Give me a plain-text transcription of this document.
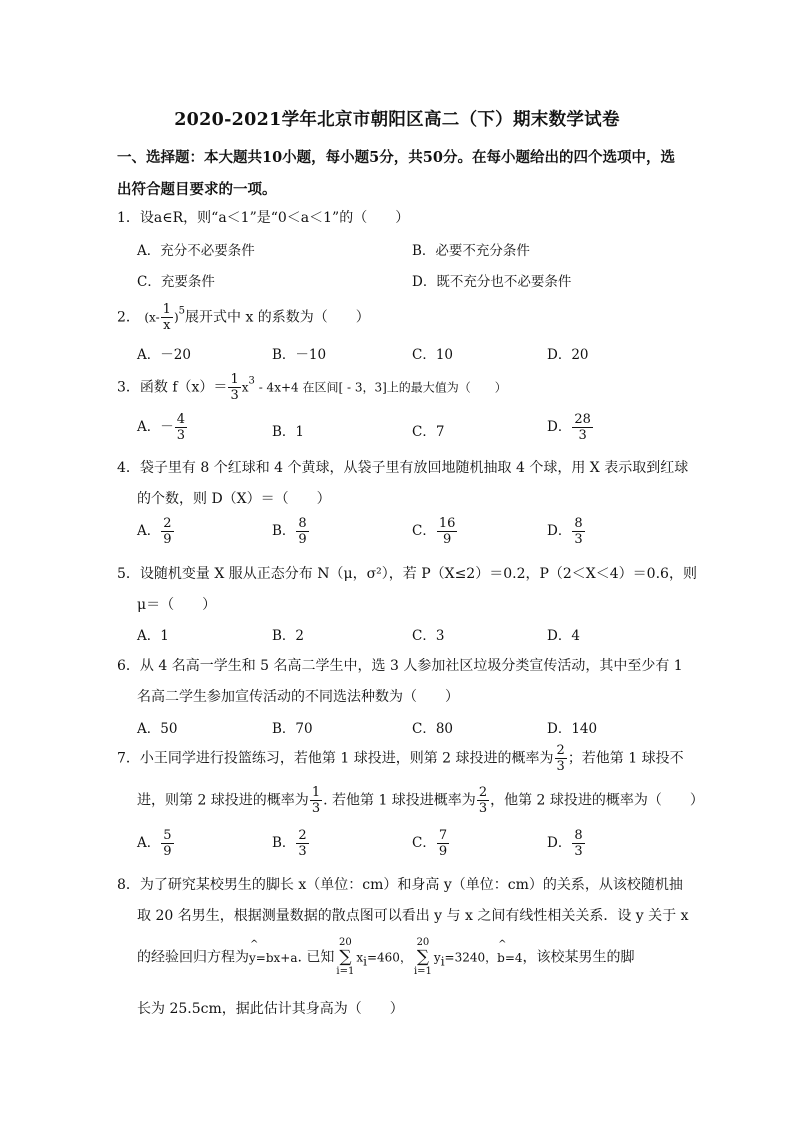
2020-2021学年北京市朝阳区高二（下）期末数学试卷
一、选择题：本大题共10小题，每小题5分，共50分。在每小题给出的四个选项中，选
出符合题目要求的一项。
1．设a∈R，则“a＜1”是“0＜a＜1”的（　　）
A．充分不必要条件	B．必要不充分条件
C．充要条件	D．既不充分也不必要条件
2． $(x- \frac{1}{x} )^5$展开式中 x 的系数为（　　）
A．－20	B．－10	C．10	D．20
3．函数 $f(x)= \frac{1}{3} x^3 - 4x+4$ 在区间[ - 3，3]上的最大值为（　　）
A．－ $\frac{4}{3}$	B．1	C．7	D． $\frac{28}{3}$
4．袋子里有 8 个红球和 4 个黄球，从袋子里有放回地随机抽取 4 个球，用 X 表示取到红球
的个数，则 D（X）＝（　　）
A． $\frac{2}{9}$	B． $\frac{8}{9}$	C． $\frac{16}{9}$	D． $\frac{8}{3}$
5．设随机变量 X 服从正态分布 N（μ，σ²），若 P（X≤2）＝0.2，P（2＜X＜4）＝0.6，则
μ＝（　　）
A．1	B．2	C．3	D．4
6．从 4 名高一学生和 5 名高二学生中，选 3 人参加社区垃圾分类宣传活动，其中至少有 1
名高二学生参加宣传活动的不同选法种数为（　　）
A．50	B．70	C．80	D．140
7．小王同学进行投篮练习，若他第 1 球投进，则第 2 球投进的概率为 $\frac{2}{3}$ ；若他第 1 球投不
进，则第 2 球投进的概率为 $\frac{1}{3}$ . 若他第 1 球投进概率为 $\frac{2}{3}$ ，他第 2 球投进的概率为（　　）
A． $\frac{5}{9}$	B． $\frac{2}{3}$	C． $\frac{7}{9}$	D． $\frac{8}{3}$
8．为了研究某校男生的脚长 x（单位：cm）和身高 y（单位：cm）的关系，从该校随机抽
取 20 名男生，根据测量数据的散点图可以看出 y 与 x 之间有线性相关关系．设 y 关于 x
的经验回归方程为^ y=bx+a. 已知
20
∑
i=1
$x_i=460$，
20
∑
i=1
$y_i=3240$，^ b=4，该校某男生的脚
长为 25.5cm，据此估计其身高为（　　）
